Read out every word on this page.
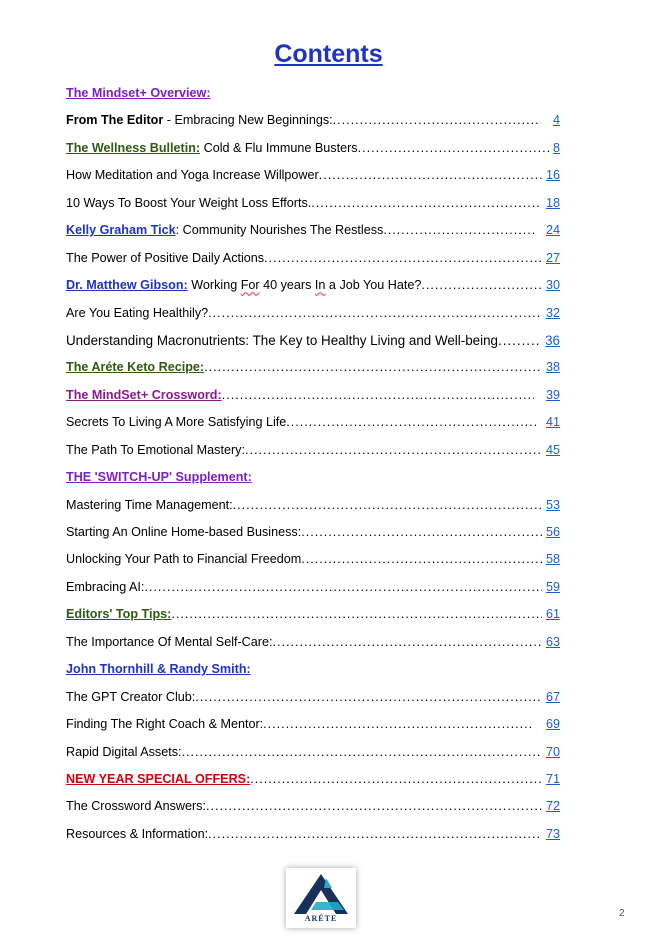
Contents
The Mindset+ Overview:
From The Editor - Embracing New Beginnings: .....	4
The Wellness Bulletin: Cold & Flu Immune Busters .....	8
How Meditation and Yoga Increase Willpower .....	16
10 Ways To Boost Your Weight Loss Efforts. .....	18
Kelly Graham Tick: Community Nourishes The Restless .....	24
The Power of Positive Daily Actions .....	27
Dr. Matthew Gibson: Working For 40 years In a Job You Hate? .....	30
Are You Eating Healthily? .....	32
Understanding Macronutrients: The Key to Healthy Living and Well-being .....	36
The Aréte Keto Recipe: .....	38
The MindSet+ Crossword: .....	39
Secrets To Living A More Satisfying Life .....	41
The Path To Emotional Mastery: .....	45
THE 'SWITCH-UP' Supplement:
Mastering Time Management: .....	53
Starting An Online Home-based Business: .....	56
Unlocking Your Path to Financial Freedom .....	58
Embracing AI: .....	59
Editors' Top Tips: .....	61
The Importance Of Mental Self-Care: .....	63
John Thornhill & Randy Smith:
The GPT Creator Club: .....	67
Finding The Right Coach & Mentor: .....	69
Rapid Digital Assets: .....	70
NEW YEAR SPECIAL OFFERS: .....	71
The Crossword Answers: .....	72
Resources & Information: .....	73
ARÉTE	2
